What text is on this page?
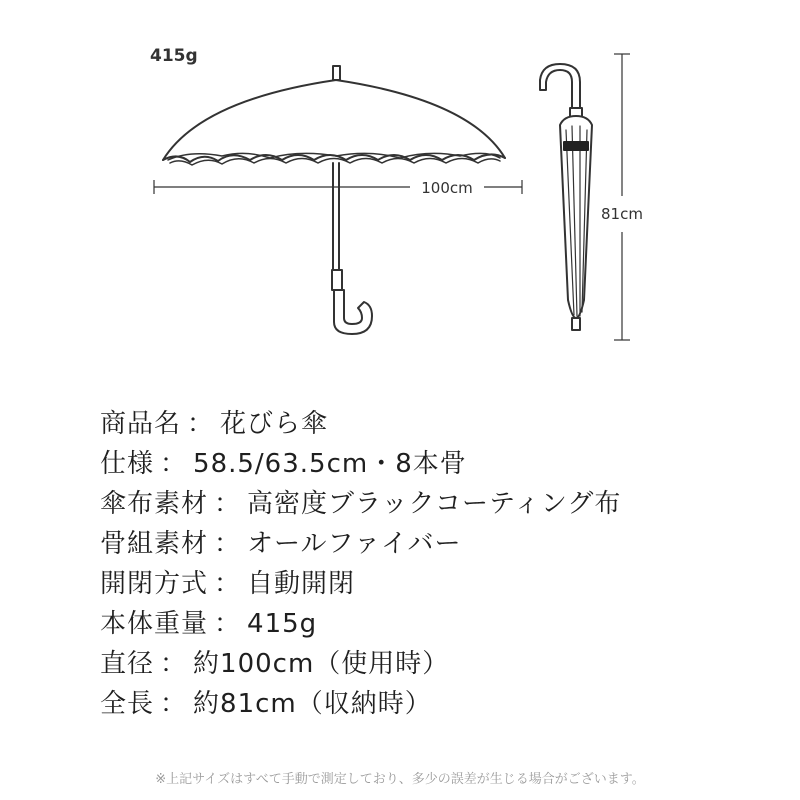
415g
100cm
81cm
商品名 ： 花びら傘
仕様 ： 58.5/63.5cm・8本骨
傘布素材 ： 高密度ブラックコーティング布
骨組素材 ： オールファイバー
開閉方式 ： 自動開閉
本体重量 ： 415g
直径 ： 約100cm（使用時）
全長 ： 約81cm（収納時）
※上記サイズはすべて手動で測定しており、多少の誤差が生じる場合がございます。
